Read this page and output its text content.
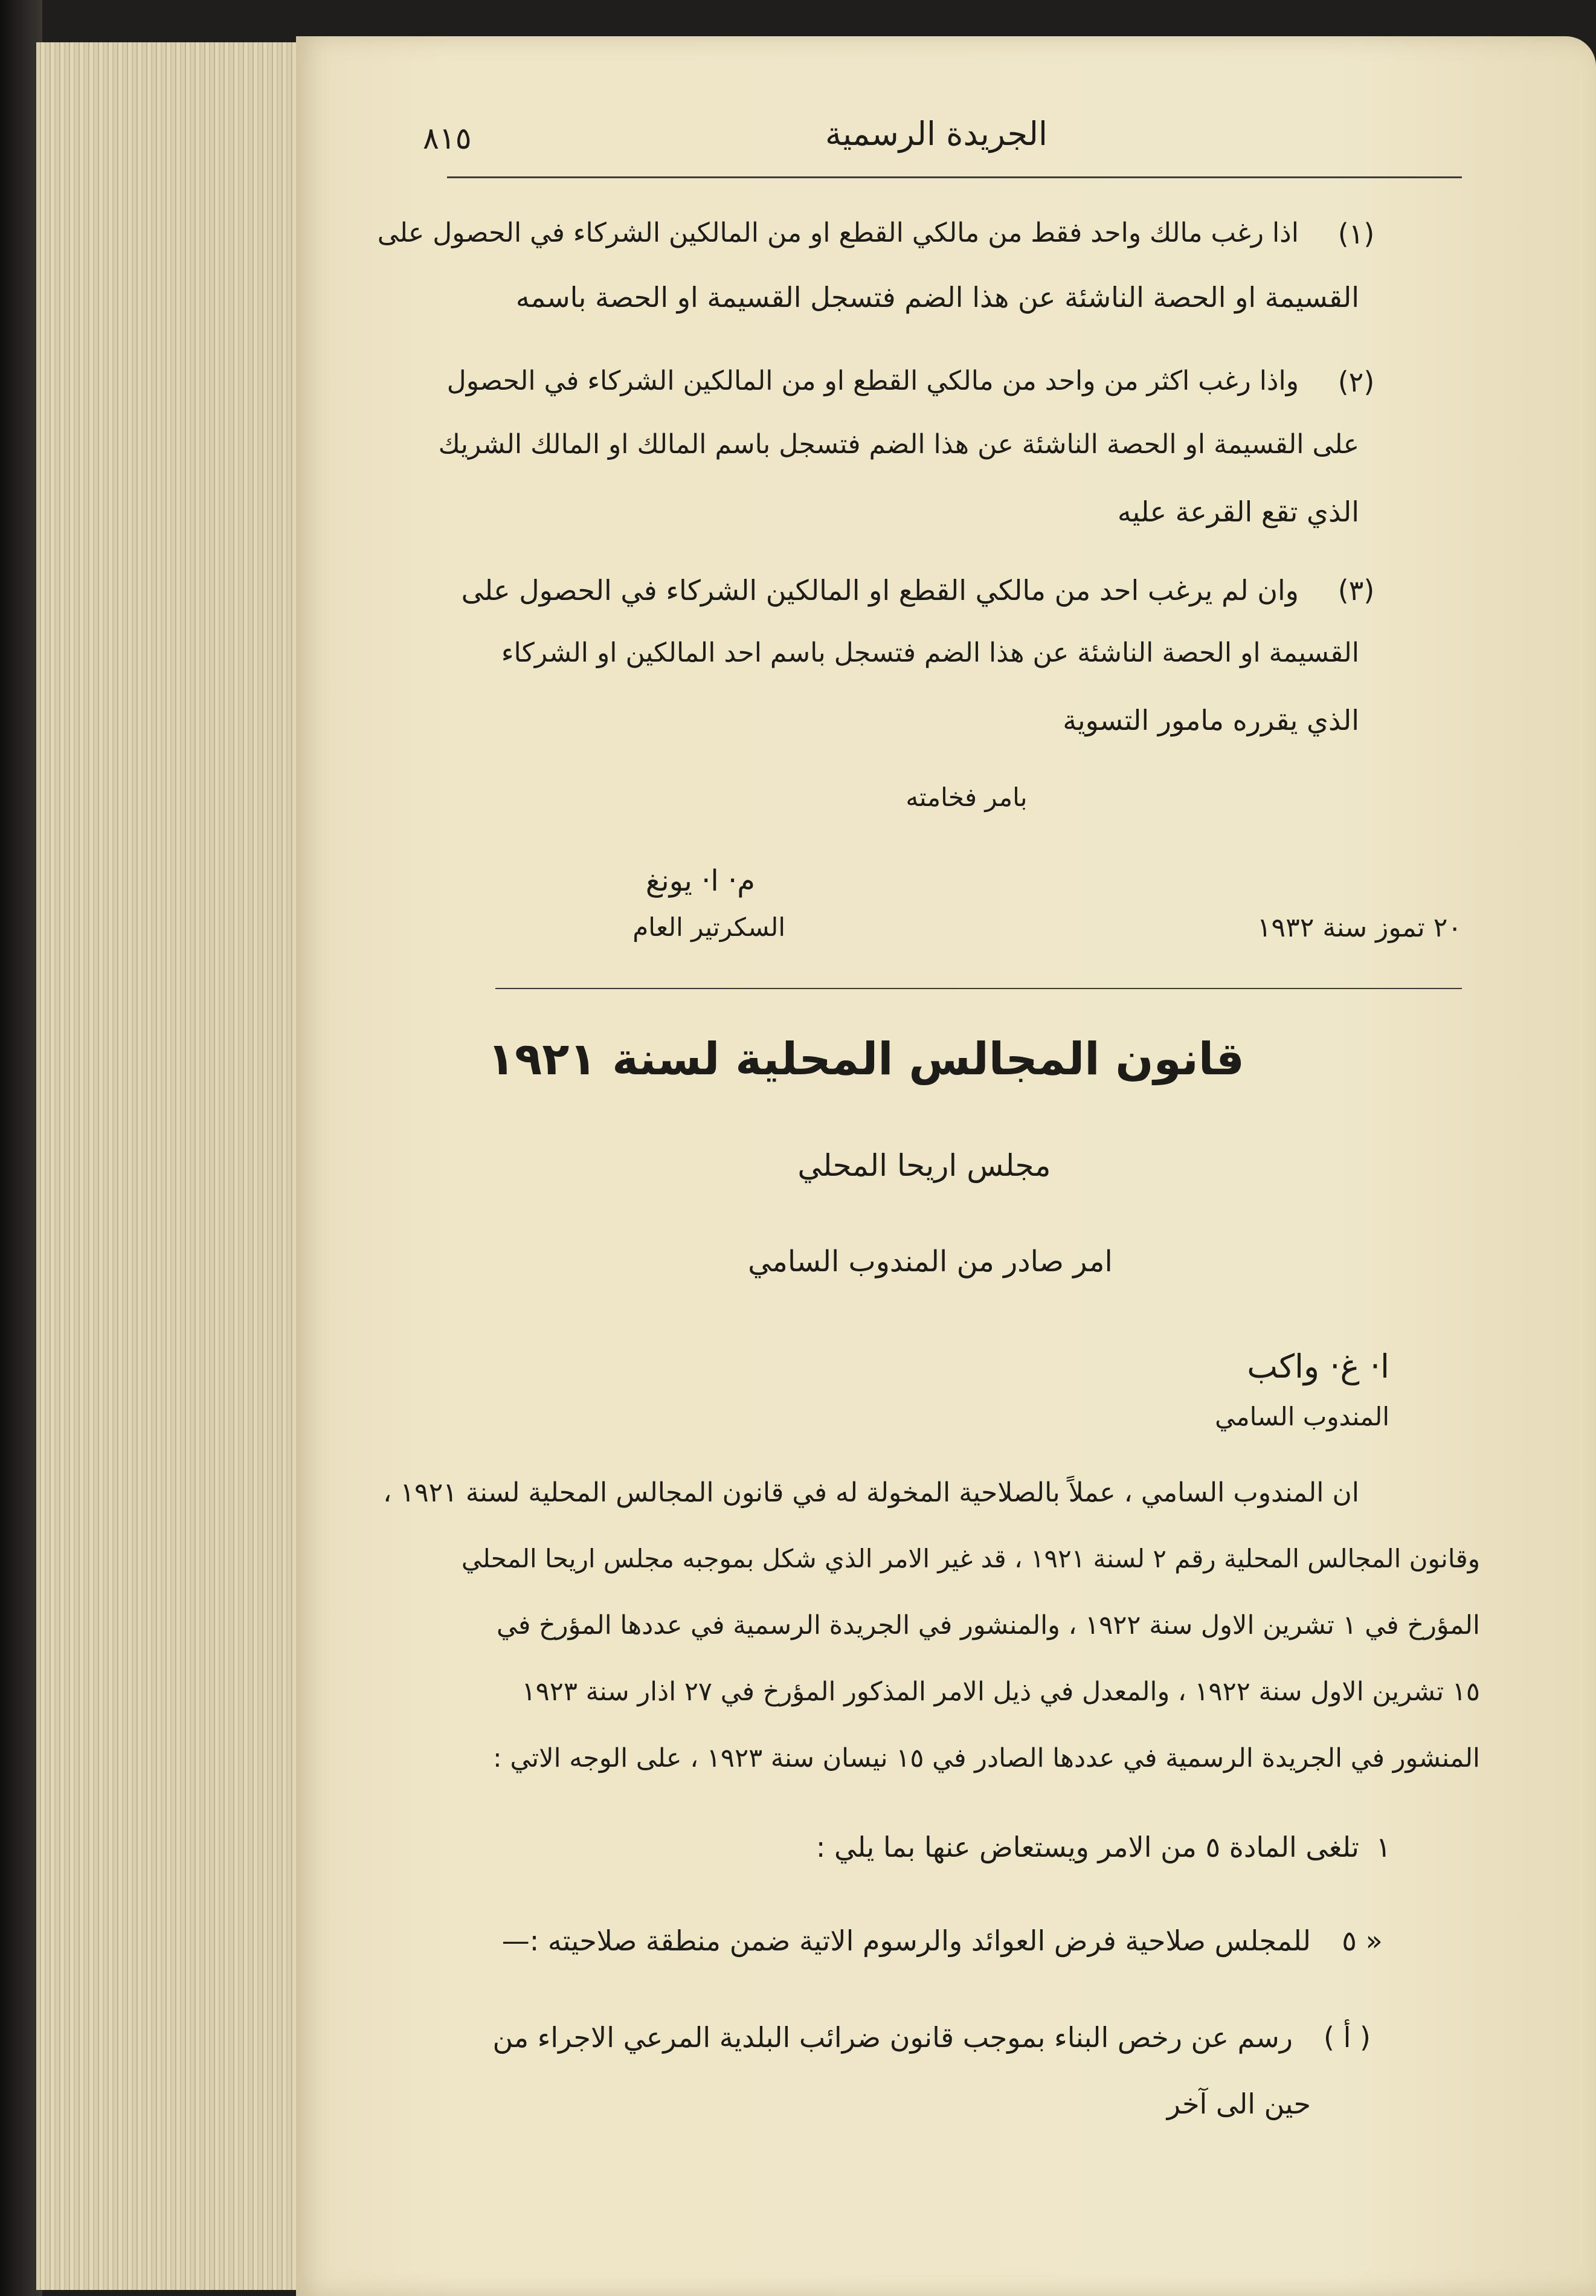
٨١٥	الجريدة الرسمية
(١)
اذا رغب مالك واحد فقط من مالكي القطع او من المالكين الشركاء في الحصول على
القسيمة او الحصة الناشئة عن هذا الضم فتسجل القسيمة او الحصة باسمه
(٢)
واذا رغب اكثر من واحد من مالكي القطع او من المالكين الشركاء في الحصول
على القسيمة او الحصة الناشئة عن هذا الضم فتسجل باسم المالك او المالك الشريك
الذي تقع القرعة عليه
(٣)
وان لم يرغب احد من مالكي القطع او المالكين الشركاء في الحصول على
القسيمة او الحصة الناشئة عن هذا الضم فتسجل باسم احد المالكين او الشركاء
الذي يقرره مامور التسوية
بامر فخامته
م· ا· يونغ
السكرتير العام	٢٠ تموز سنة ١٩٣٢
قانون المجالس المحلية لسنة ١٩٢١
مجلس اريحا المحلي
امر صادر من المندوب السامي
ا· غ· واكب
المندوب السامي
ان المندوب السامي ، عملاً بالصلاحية المخولة له في قانون المجالس المحلية لسنة ١٩٢١ ،
وقانون المجالس المحلية رقم ٢ لسنة ١٩٢١ ، قد غير الامر الذي شكل بموجبه مجلس اريحا المحلي
المؤرخ في ١ تشرين الاول سنة ١٩٢٢ ، والمنشور في الجريدة الرسمية في عددها المؤرخ في
١٥ تشرين الاول سنة ١٩٢٢ ، والمعدل في ذيل الامر المذكور المؤرخ في ٢٧ اذار سنة ١٩٢٣
المنشور في الجريدة الرسمية في عددها الصادر في ١٥ نيسان سنة ١٩٢٣ ، على الوجه الاتي :
١
تلغى المادة ٥ من الامر ويستعاض عنها بما يلي :
« ٥
للمجلس صلاحية فرض العوائد والرسوم الاتية ضمن منطقة صلاحيته :—
( أ )
رسم عن رخص البناء بموجب قانون ضرائب البلدية المرعي الاجراء من
حين الى آخر
